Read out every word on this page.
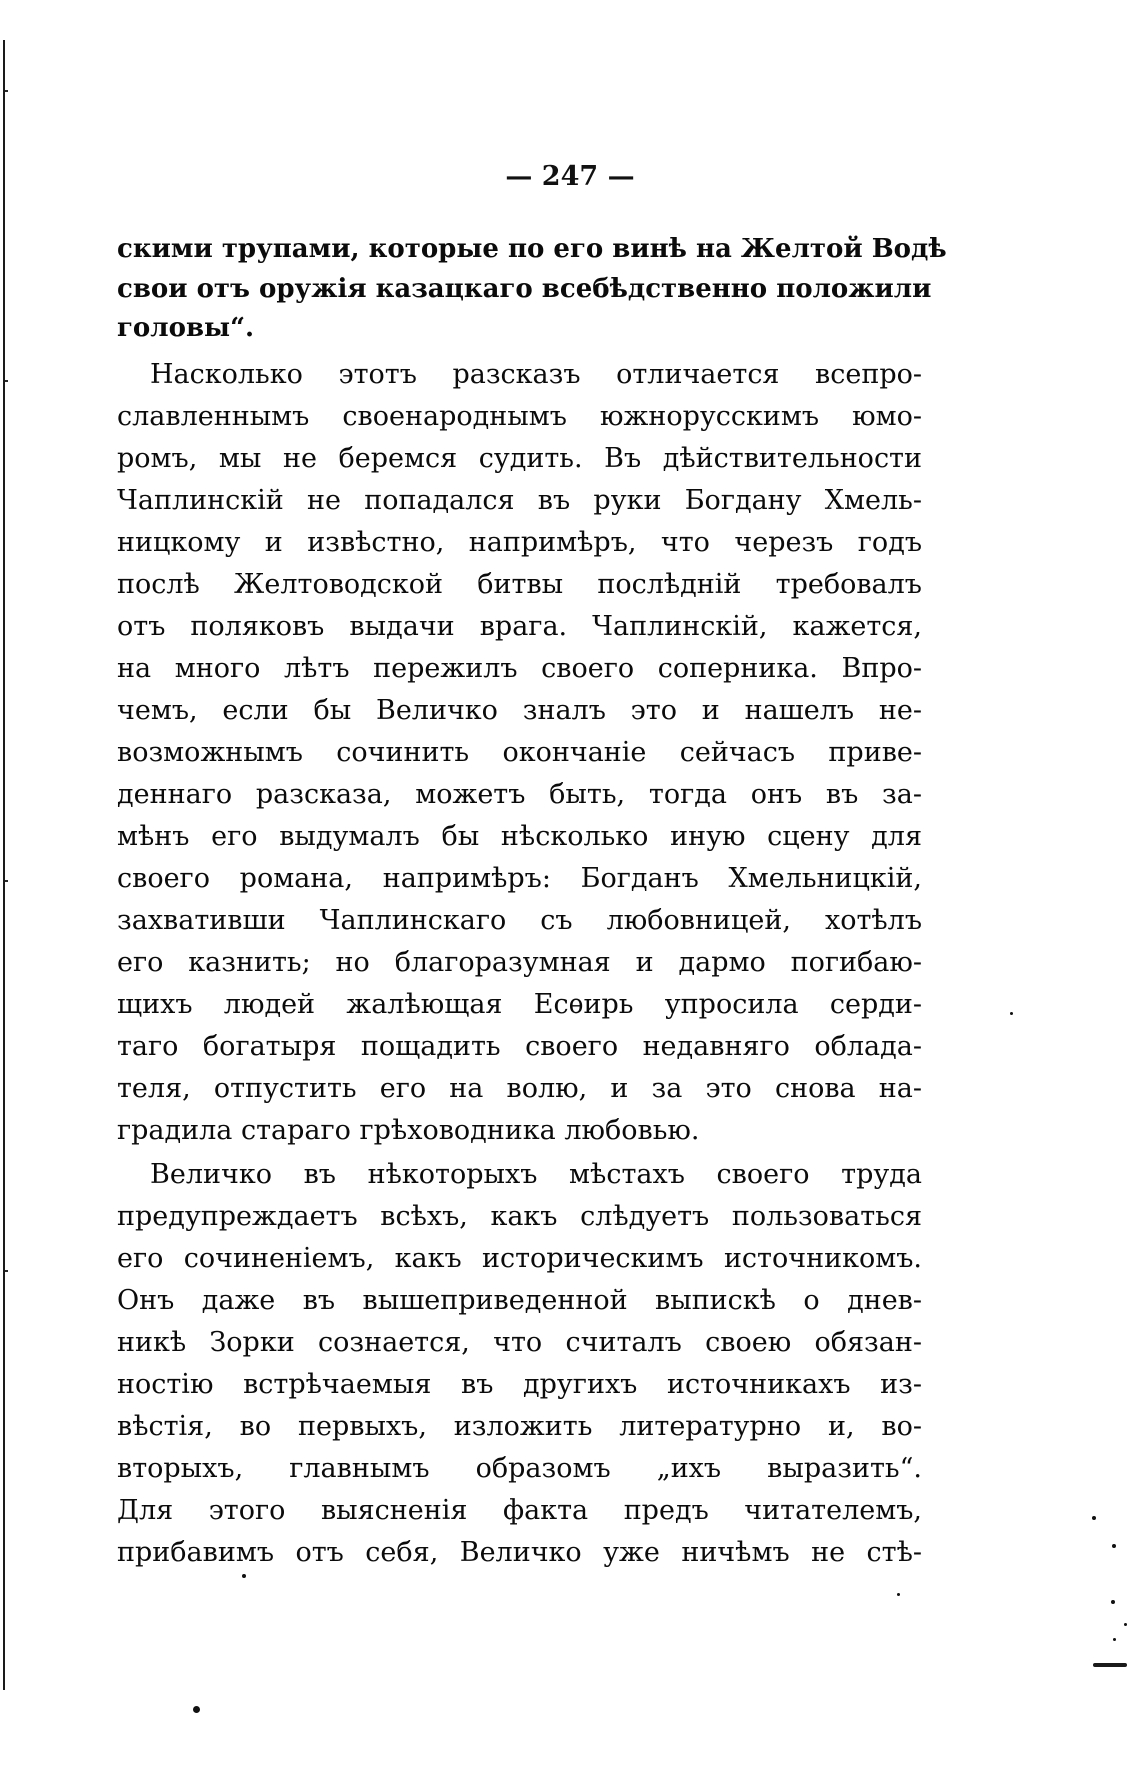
— 247 —
скими трупами, которые по его винѣ на Желтой Водѣ
свои отъ оружія казацкаго всебѣдственно положили
головы“.
Насколько этотъ разсказъ отличается всепро-
славленнымъ своенароднымъ южнорусскимъ юмо-
ромъ, мы не беремся судить. Въ дѣйствительности
Чаплинскій не попадался въ руки Богдану Хмель-
ницкому и извѣстно, напримѣръ, что черезъ годъ
послѣ Желтоводской битвы послѣдній требовалъ
отъ поляковъ выдачи врага. Чаплинскій, кажется,
на много лѣтъ пережилъ своего соперника. Впро-
чемъ, если бы Величко зналъ это и нашелъ не-
возможнымъ сочинить окончаніе сейчасъ приве-
деннаго разсказа, можетъ быть, тогда онъ въ за-
мѣнъ его выдумалъ бы нѣсколько иную сцену для
своего романа, напримѣръ: Богданъ Хмельницкій,
захвативши Чаплинскаго съ любовницей, хотѣлъ
его казнить; но благоразумная и дармо погибаю-
щихъ людей жалѣющая Есѳирь упросила серди-
таго богатыря пощадить своего недавняго облада-
теля, отпустить его на волю, и за это снова на-
градила стараго грѣховодника любовью.
Величко въ нѣкоторыхъ мѣстахъ своего труда
предупреждаетъ всѣхъ, какъ слѣдуетъ пользоваться
его сочиненіемъ, какъ историческимъ источникомъ.
Онъ даже въ вышеприведенной выпискѣ о днев-
никѣ Зорки сознается, что считалъ своею обязан-
ностію встрѣчаемыя въ другихъ источникахъ из-
вѣстія, во первыхъ, изложить литературно и, во-
вторыхъ, главнымъ образомъ „ихъ выразить“.
Для этого выясненія факта предъ читателемъ,
прибавимъ отъ себя, Величко уже ничѣмъ не стѣ-
